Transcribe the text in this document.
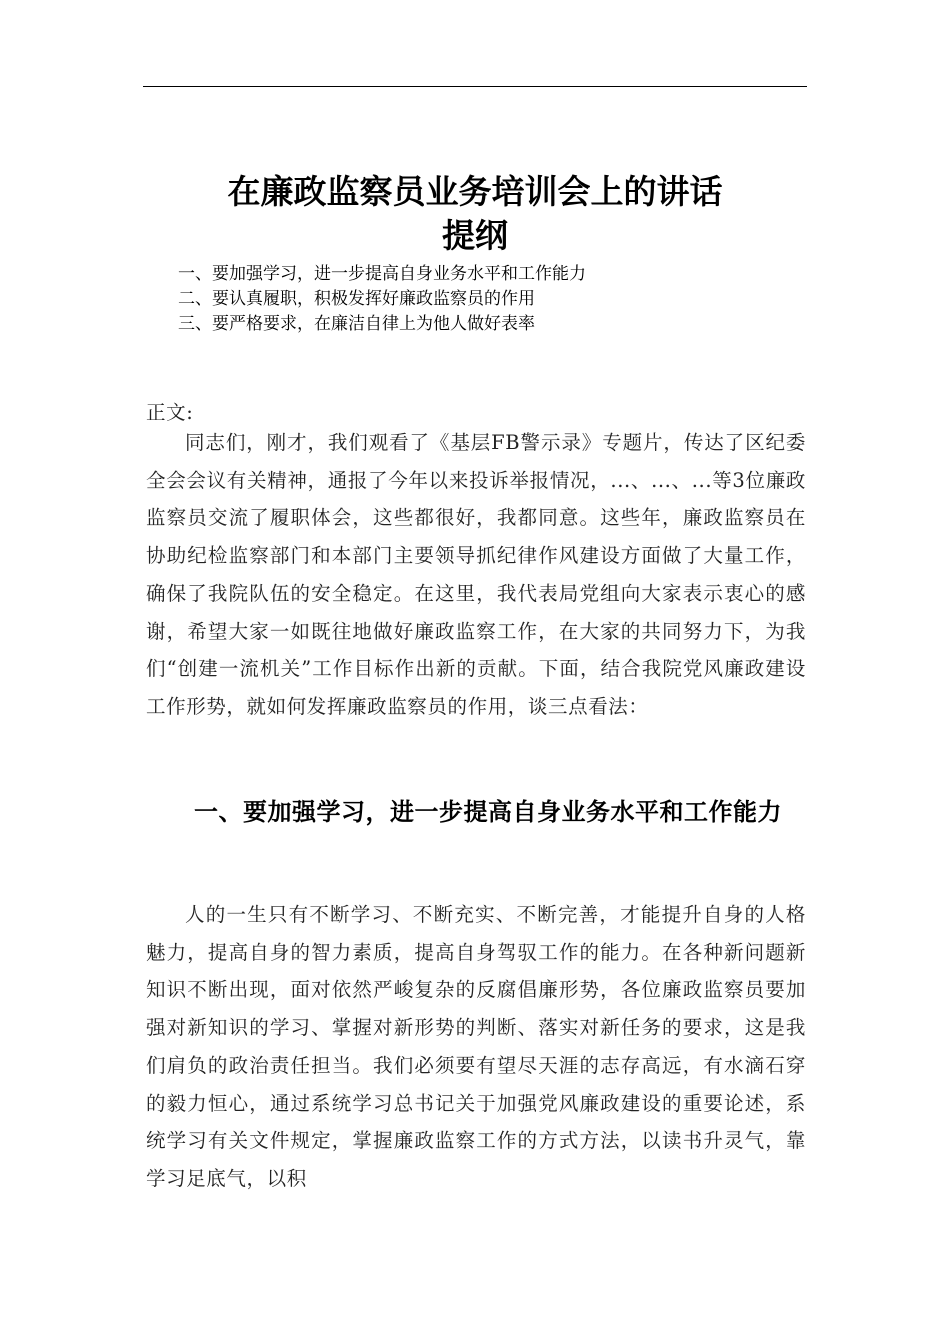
在廉政监察员业务培训会上的讲话
提纲
一、要加强学习，进一步提高自身业务水平和工作能力
二、要认真履职，积极发挥好廉政监察员的作用
三、要严格要求，在廉洁自律上为他人做好表率
正文:
同志们，刚才，我们观看了《基层FB警示录》专题片，传达了区纪委全会会议有关精神，通报了今年以来投诉举报情况，...、...、...等3位廉政监察员交流了履职体会，这些都很好，我都同意。这些年，廉政监察员在协助纪检监察部门和本部门主要领导抓纪律作风建设方面做了大量工作，确保了我院队伍的安全稳定。在这里，我代表局党组向大家表示衷心的感谢，希望大家一如既往地做好廉政监察工作，在大家的共同努力下，为我们“创建一流机关”工作目标作出新的贡献。下面，结合我院党风廉政建设工作形势，就如何发挥廉政监察员的作用，谈三点看法：
一、要加强学习，进一步提高自身业务水平和工作能力
人的一生只有不断学习、不断充实、不断完善，才能提升自身的人格魅力，提高自身的智力素质，提高自身驾驭工作的能力。在各种新问题新知识不断出现，面对依然严峻复杂的反腐倡廉形势，各位廉政监察员要加强对新知识的学习、掌握对新形势的判断、落实对新任务的要求，这是我们肩负的政治责任担当。我们必须要有望尽天涯的志存高远，有水滴石穿的毅力恒心，通过系统学习总书记关于加强党风廉政建设的重要论述，系统学习有关文件规定，掌握廉政监察工作的方式方法，以读书升灵气，靠学习足底气，以积
